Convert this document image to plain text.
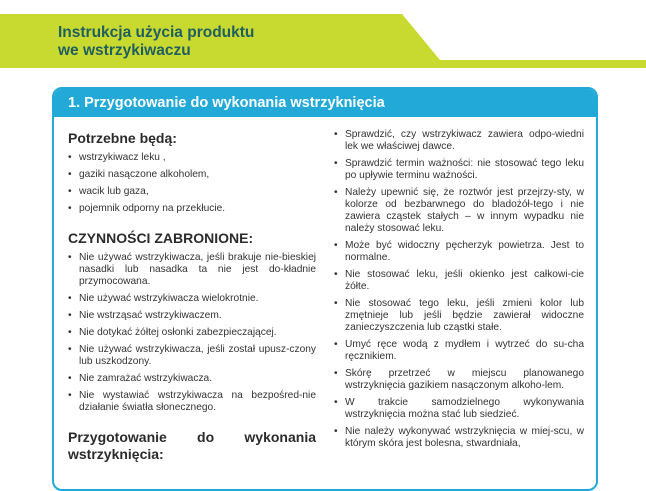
Instrukcja użycia produktu
we wstrzykiwaczu
1. Przygotowanie do wykonania wstrzyknięcia
Potrzebne będą:
• wstrzykiwacz leku ,
• gaziki nasączone alkoholem,
• wacik lub gaza,
• pojemnik odporny na przekłucie.
CZYNNOŚCI ZABRONIONE:
• Nie używać wstrzykiwacza, jeśli brakuje nie-bieskiej nasadki lub nasadka ta nie jest do-kładnie przymocowana.
• Nie używać wstrzykiwacza wielokrotnie.
• Nie wstrząsać wstrzykiwaczem.
• Nie dotykać żółtej osłonki zabezpieczającej.
• Nie używać wstrzykiwacza, jeśli został upusz-czony lub uszkodzony.
• Nie zamrażać wstrzykiwacza.
• Nie wystawiać wstrzykiwacza na bezpośred-nie działanie światła słonecznego.
Przygotowanie do wykonania
wstrzyknięcia:
• Sprawdzić, czy wstrzykiwacz zawiera odpo-wiedni lek we właściwej dawce.
• Sprawdzić termin ważności: nie stosować tego leku po upływie terminu ważności.
• Należy upewnić się, że roztwór jest przejrzy-sty, w kolorze od bezbarwnego do bladożół-tego i nie zawiera cząstek stałych – w innym wypadku nie należy stosować leku.
• Może być widoczny pęcherzyk powietrza. Jest to normalne.
• Nie stosować leku, jeśli okienko jest całkowi-cie żółte.
• Nie stosować tego leku, jeśli zmieni kolor lub zmętnieje lub jeśli będzie zawierał widoczne zanieczyszczenia lub cząstki stałe.
• Umyć ręce wodą z mydłem i wytrzeć do su-cha ręcznikiem.
• Skórę przetrzeć w miejscu planowanego wstrzyknięcia gazikiem nasączonym alkoho-lem.
• W trakcie samodzielnego wykonywania wstrzyknięcia można stać lub siedzieć.
• Nie należy wykonywać wstrzyknięcia w miej-scu, w którym skóra jest bolesna, stwardniała,
